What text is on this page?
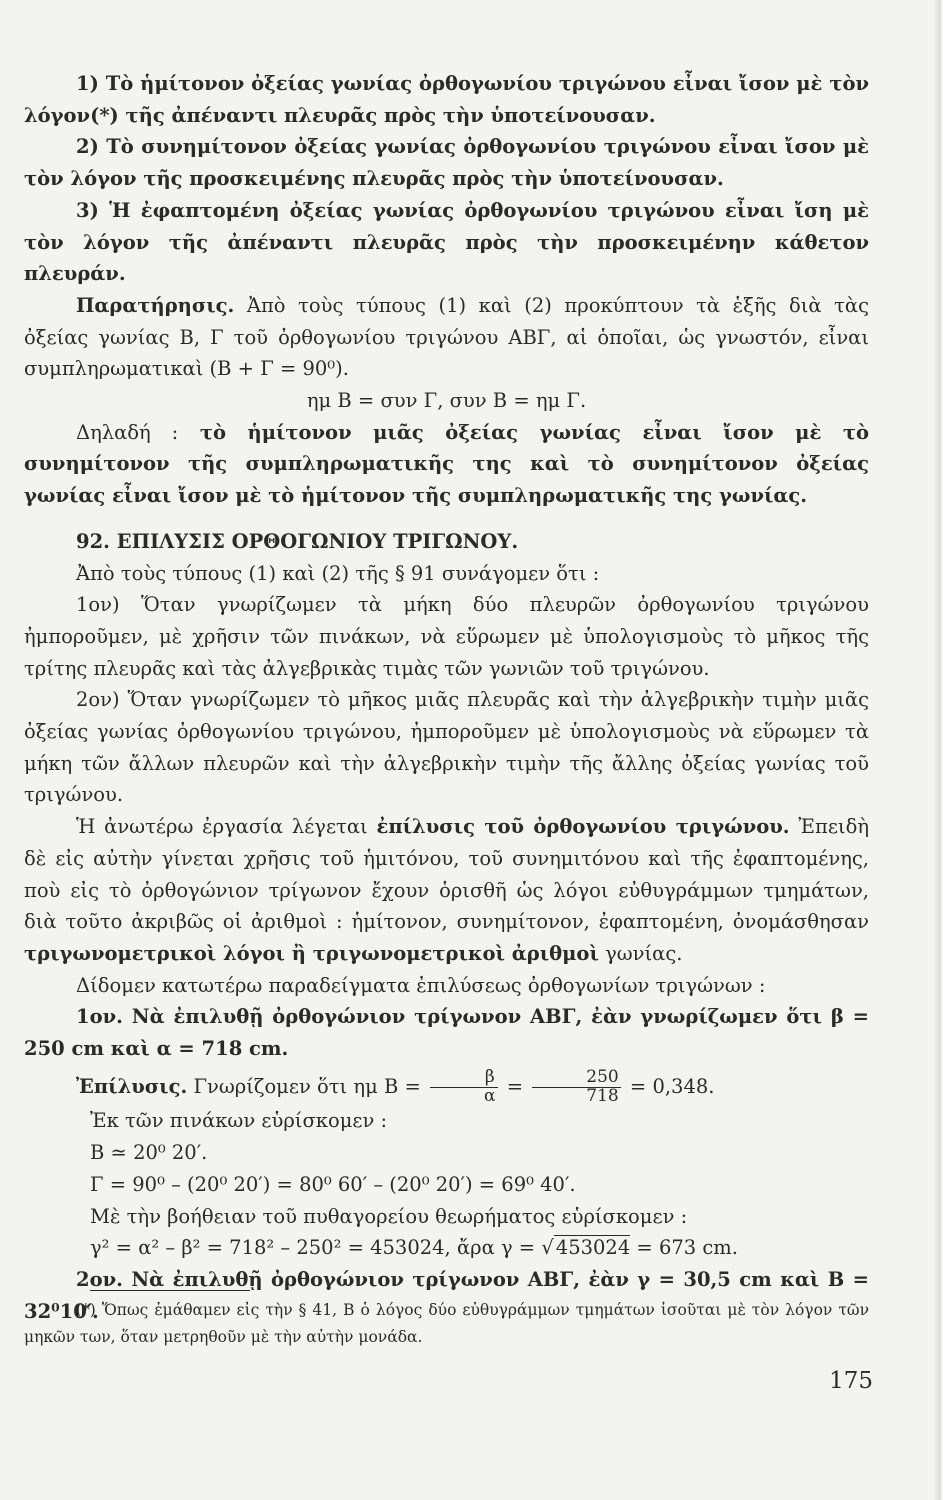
1) Τὸ ἡμίτονον ὀξείας γωνίας ὀρθογωνίου τριγώνου εἶναι ἴσον μὲ τὸν λόγον(*) τῆς ἀπέναντι πλευρᾶς πρὸς τὴν ὑποτείνουσαν.

2) Τὸ συνημίτονον ὀξείας γωνίας ὀρθογωνίου τριγώνου εἶναι ἴσον μὲ τὸν λόγον τῆς προσκειμένης πλευρᾶς πρὸς τὴν ὑποτείνουσαν.

3) Ἡ ἐφαπτομένη ὀξείας γωνίας ὀρθογωνίου τριγώνου εἶναι ἴση μὲ τὸν λόγον τῆς ἀπέναντι πλευρᾶς πρὸς τὴν προσκειμένην κάθετον πλευράν.

Παρατήρησις. Ἀπὸ τοὺς τύπους (1) καὶ (2) προκύπτουν τὰ ἑξῆς διὰ τὰς ὀξείας γωνίας Β, Γ τοῦ ὀρθογωνίου τριγώνου ΑΒΓ, αἱ ὁποῖαι, ὡς γνωστόν, εἶναι συμπληρωματικαὶ (Β + Γ = 90⁰).

ημ Β = συν Γ, συν Β = ημ Γ.

Δηλαδή : τὸ ἡμίτονον μιᾶς ὀξείας γωνίας εἶναι ἴσον μὲ τὸ συνημίτονον τῆς συμπληρωματικῆς της καὶ τὸ συνημίτονον ὀξείας γωνίας εἶναι ἴσον μὲ τὸ ἡμίτονον τῆς συμπληρωματικῆς της γωνίας.

92. ΕΠΙΛΥΣΙΣ ΟΡΘΟΓΩΝΙΟΥ ΤΡΙΓΩΝΟΥ.

Ἀπὸ τοὺς τύπους (1) καὶ (2) τῆς § 91 συνάγομεν ὅτι :

1ον) Ὅταν γνωρίζωμεν τὰ μήκη δύο πλευρῶν ὀρθογωνίου τριγώνου ἠμποροῦμεν, μὲ χρῆσιν τῶν πινάκων, νὰ εὕρωμεν μὲ ὑπολογισμοὺς τὸ μῆκος τῆς τρίτης πλευρᾶς καὶ τὰς ἀλγεβρικὰς τιμὰς τῶν γωνιῶν τοῦ τριγώνου.

2ον) Ὅταν γνωρίζωμεν τὸ μῆκος μιᾶς πλευρᾶς καὶ τὴν ἀλγεβρικὴν τιμὴν μιᾶς ὀξείας γωνίας ὀρθογωνίου τριγώνου, ἠμποροῦμεν μὲ ὑπολογισμοὺς νὰ εὕρωμεν τὰ μήκη τῶν ἄλλων πλευρῶν καὶ τὴν ἀλγεβρικὴν τιμὴν τῆς ἄλλης ὀξείας γωνίας τοῦ τριγώνου.

Ἡ ἀνωτέρω ἐργασία λέγεται ἐπίλυσις τοῦ ὀρθογωνίου τριγώνου. Ἐπειδὴ δὲ εἰς αὐτὴν γίνεται χρῆσις τοῦ ἡμιτόνου, τοῦ συνημιτόνου καὶ τῆς ἐφαπτομένης, ποὺ εἰς τὸ ὀρθογώνιον τρίγωνον ἔχουν ὁρισθῆ ὡς λόγοι εὐθυγράμμων τμημάτων, διὰ τοῦτο ἀκριβῶς οἱ ἀριθμοὶ : ἡμίτονον, συνημίτονον, ἐφαπτομένη, ὀνομάσθησαν τριγωνομετρικοὶ λόγοι ἢ τριγωνομετρικοὶ ἀριθμοὶ γωνίας.

Δίδομεν κατωτέρω παραδείγματα ἐπιλύσεως ὀρθογωνίων τριγώνων :

1ον. Νὰ ἐπιλυθῇ ὀρθογώνιον τρίγωνον ΑΒΓ, ἐὰν γνωρίζωμεν ὅτι β = 250 cm καὶ α = 718 cm.

Ἐπίλυσις. Γνωρίζομεν ὅτι ημ $B = \frac{\beta}{\alpha} = \frac{250}{718} = 0,348$.

Ἐκ τῶν πινάκων εὑρίσκομεν :

Β ≃ 20⁰ 20′.

Γ = 90⁰ – (20⁰ 20′) = 80⁰ 60′ – (20⁰ 20′) = 69⁰ 40′.

Μὲ τὴν βοήθειαν τοῦ πυθαγορείου θεωρήματος εὑρίσκομεν :

γ² = α² – β² = 718² – 250² = 453024, ἄρα γ = √ 453024 = 673 cm.

2ον. Νὰ ἐπιλυθῇ ὀρθογώνιον τρίγωνον ΑΒΓ, ἐὰν γ = 30,5 cm καὶ Β = 32⁰10′.

(*) Ὅπως ἐμάθαμεν εἰς τὴν § 41, Β ὁ λόγος δύο εὐθυγράμμων τμημάτων ἰσοῦται μὲ τὸν λόγον τῶν μηκῶν των, ὅταν μετρηθοῦν μὲ τὴν αὐτὴν μονάδα.

175
